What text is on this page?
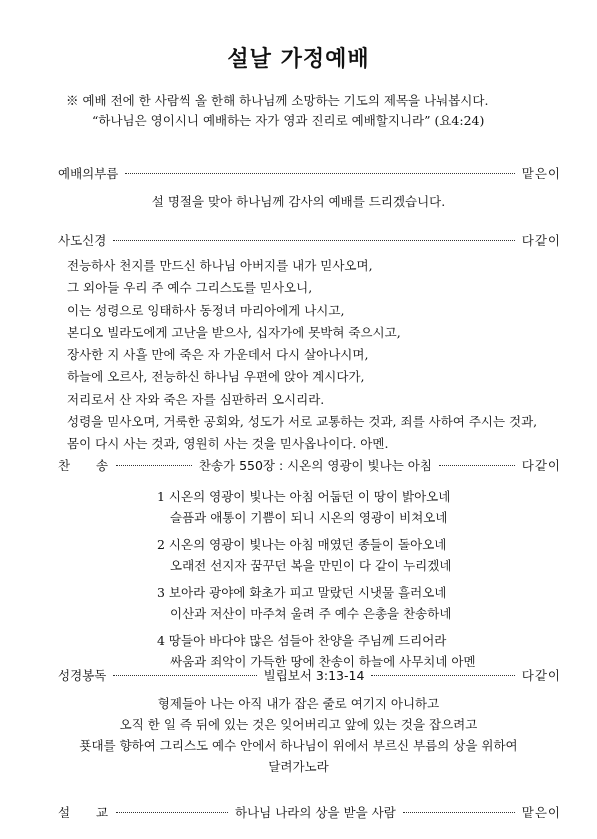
설날 가정예배
※ 예배 전에 한 사람씩 올 한해 하나님께 소망하는 기도의 제목을 나눠봅시다.
“하나님은 영이시니 예배하는 자가 영과 진리로 예배할지니라” (요4:24)
예배의부름	맡은이
설 명절을 맞아 하나님께 감사의 예배를 드리겠습니다.
사도신경	다같이
전능하사 천지를 만드신 하나님 아버지를 내가 믿사오며,
그 외아들 우리 주 예수 그리스도를 믿사오니,
이는 성령으로 잉태하사 동정녀 마리아에게 나시고,
본디오 빌라도에게 고난을 받으사, 십자가에 못박혀 죽으시고,
장사한 지 사흘 만에 죽은 자 가운데서 다시 살아나시며,
하늘에 오르사, 전능하신 하나님 우편에 앉아 계시다가,
저리로서 산 자와 죽은 자를 심판하러 오시리라.
성령을 믿사오며, 거룩한 공회와, 성도가 서로 교통하는 것과, 죄를 사하여 주시는 것과,
몸이 다시 사는 것과, 영원히 사는 것을 믿사옵나이다. 아멘.
찬     송	찬송가 550장 : 시온의 영광이 빛나는 아침	다같이
1 시온의 영광이 빛나는 아침 어둡던 이 땅이 밝아오네
슬픔과 애통이 기쁨이 되니 시온의 영광이 비쳐오네
2 시온의 영광이 빛나는 아침 매였던 종들이 돌아오네
오래전 선지자 꿈꾸던 복을 만민이 다 같이 누리겠네
3 보아라 광야에 화초가 피고 말랐던 시냇물 흘러오네
이산과 저산이 마주쳐 울려 주 예수 은총을 찬송하네
4 땅들아 바다야 많은 섬들아 찬양을 주님께 드리어라
싸움과 죄악이 가득한 땅에 찬송이 하늘에 사무치네 아멘
성경봉독	빌립보서 3:13-14	다같이
형제들아 나는 아직 내가 잡은 줄로 여기지 아니하고
오직 한 일 즉 뒤에 있는 것은 잊어버리고 앞에 있는 것을 잡으려고
푯대를 향하여 그리스도 예수 안에서 하나님이 위에서 부르신 부름의 상을 위하여
달려가노라
설     교	하나님 나라의 상을 받을 사람	맡은이
